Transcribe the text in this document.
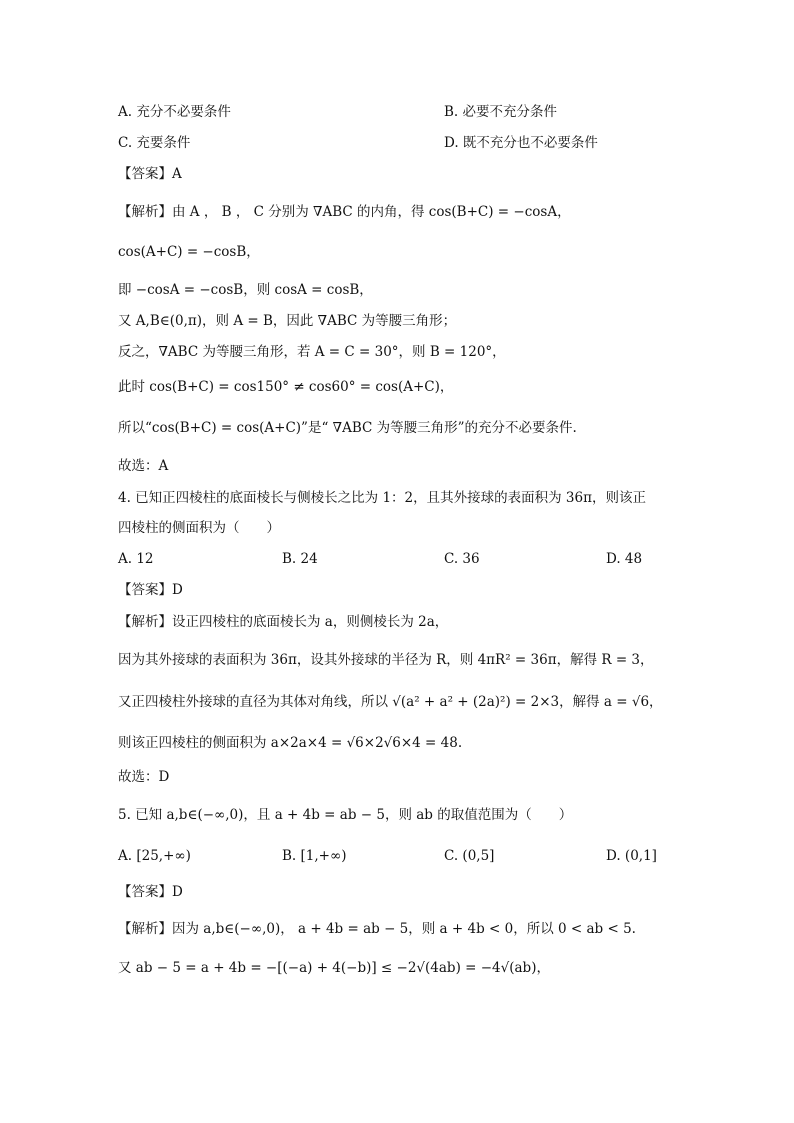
A. 充分不必要条件	B. 必要不充分条件
C. 充要条件	D. 既不充分也不必要条件
【答案】A
【解析】由 A ， B ， C 分别为 ∇ABC 的内角，得 cos(B+C) = −cosA，
cos(A+C) = −cosB，
即 −cosA = −cosB，则 cosA = cosB，
又 A,B∈(0,π)，则 A = B，因此 ∇ABC 为等腰三角形；
反之，∇ABC 为等腰三角形，若 A = C = 30°，则 B = 120°，
此时 cos(B+C) = cos150° ≠ cos60° = cos(A+C)，
所以“cos(B+C) = cos(A+C)”是“ ∇ABC 为等腰三角形”的充分不必要条件.
故选：A
4. 已知正四棱柱的底面棱长与侧棱长之比为 1：2，且其外接球的表面积为 36π，则该正
四棱柱的侧面积为（　　）
A. 12	B. 24	C. 36	D. 48
【答案】D
【解析】设正四棱柱的底面棱长为 a，则侧棱长为 2a，
因为其外接球的表面积为 36π，设其外接球的半径为 R，则 4πR² = 36π，解得 R = 3，
又正四棱柱外接球的直径为其体对角线，所以 √(a² + a² + (2a)²) = 2×3，解得 a = √6，
则该正四棱柱的侧面积为 a×2a×4 = √6×2√6×4 = 48.
故选：D
5. 已知 a,b∈(−∞,0)，且 a + 4b = ab − 5，则 ab 的取值范围为（　　）
A. [25,+∞)	B. [1,+∞)	C. (0,5]	D. (0,1]
【答案】D
【解析】因为 a,b∈(−∞,0)， a + 4b = ab − 5，则 a + 4b < 0，所以 0 < ab < 5.
又 ab − 5 = a + 4b = −[(−a) + 4(−b)] ≤ −2√(4ab) = −4√(ab)，
